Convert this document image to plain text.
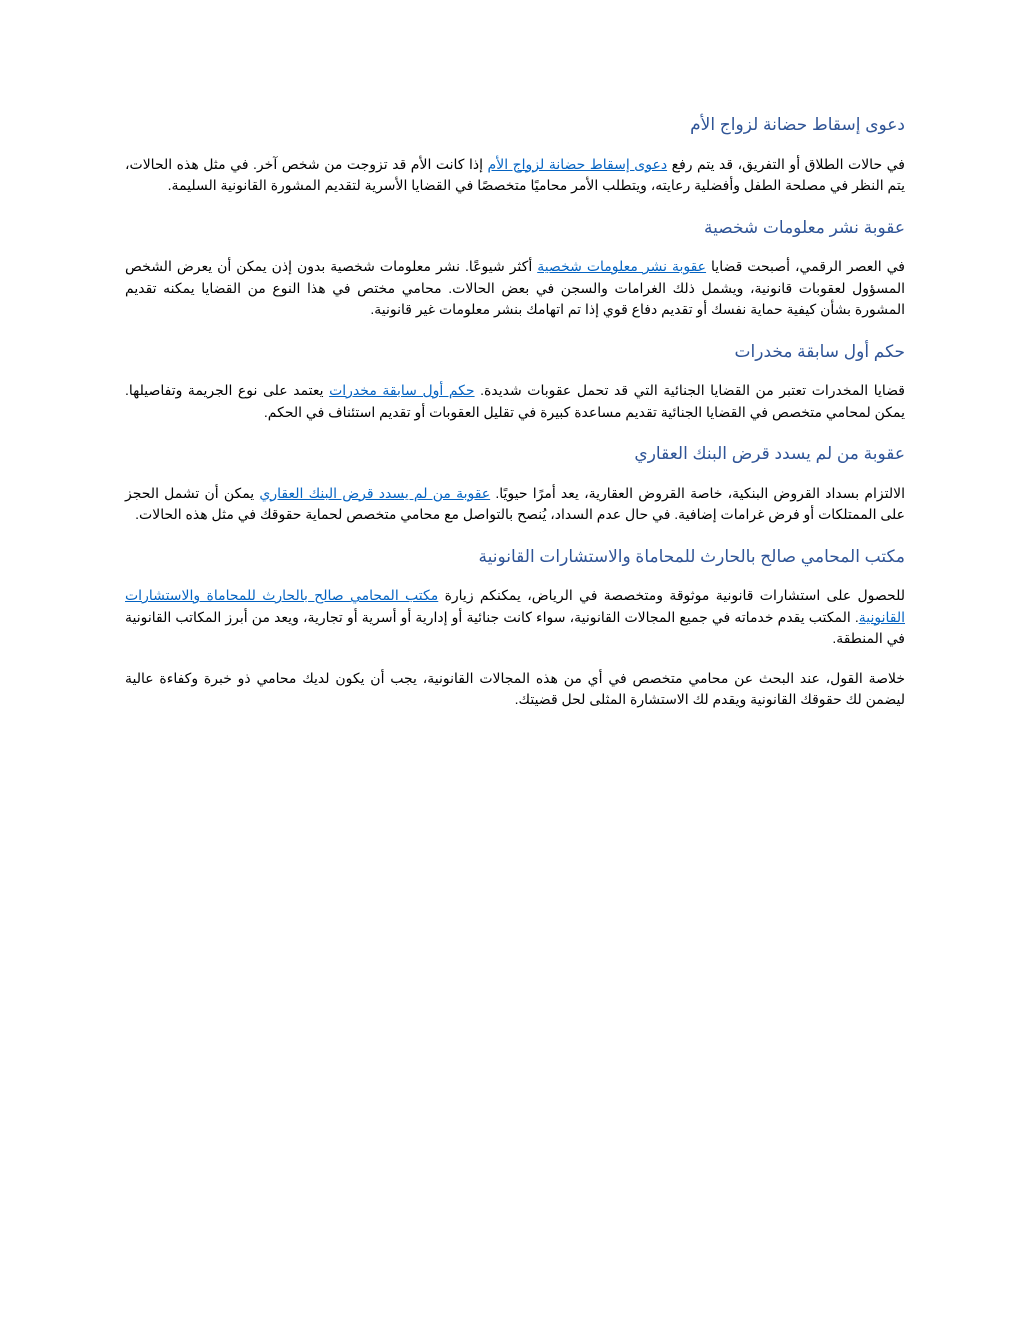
دعوى إسقاط حضانة لزواج الأم

في حالات الطلاق أو التفريق، قد يتم رفع دعوى إسقاط حضانة لزواج الأم إذا كانت الأم قد تزوجت من شخص آخر. في مثل هذه الحالات، يتم النظر في مصلحة الطفل وأفضلية رعايته، ويتطلب الأمر محاميًا متخصصًا في القضايا الأسرية لتقديم المشورة القانونية السليمة.

عقوبة نشر معلومات شخصية

في العصر الرقمي، أصبحت قضايا عقوبة نشر معلومات شخصية أكثر شيوعًا. نشر معلومات شخصية بدون إذن يمكن أن يعرض الشخص المسؤول لعقوبات قانونية، ويشمل ذلك الغرامات والسجن في بعض الحالات. محامي مختص في هذا النوع من القضايا يمكنه تقديم المشورة بشأن كيفية حماية نفسك أو تقديم دفاع قوي إذا تم اتهامك بنشر معلومات غير قانونية.

حكم أول سابقة مخدرات

قضايا المخدرات تعتبر من القضايا الجنائية التي قد تحمل عقوبات شديدة. حكم أول سابقة مخدرات يعتمد على نوع الجريمة وتفاصيلها. يمكن لمحامي متخصص في القضايا الجنائية تقديم مساعدة كبيرة في تقليل العقوبات أو تقديم استئناف في الحكم.

عقوبة من لم يسدد قرض البنك العقاري

الالتزام بسداد القروض البنكية، خاصة القروض العقارية، يعد أمرًا حيويًا. عقوبة من لم يسدد قرض البنك العقاري يمكن أن تشمل الحجز على الممتلكات أو فرض غرامات إضافية. في حال عدم السداد، يُنصح بالتواصل مع محامي متخصص لحماية حقوقك في مثل هذه الحالات.

مكتب المحامي صالح بالحارث للمحاماة والاستشارات القانونية

للحصول على استشارات قانونية موثوقة ومتخصصة في الرياض، يمكنكم زيارة مكتب المحامي صالح بالحارث للمحاماة والاستشارات القانونية. المكتب يقدم خدماته في جميع المجالات القانونية، سواء كانت جنائية أو إدارية أو أسرية أو تجارية، ويعد من أبرز المكاتب القانونية في المنطقة.

خلاصة القول، عند البحث عن محامي متخصص في أي من هذه المجالات القانونية، يجب أن يكون لديك محامي ذو خبرة وكفاءة عالية ليضمن لك حقوقك القانونية ويقدم لك الاستشارة المثلى لحل قضيتك.
